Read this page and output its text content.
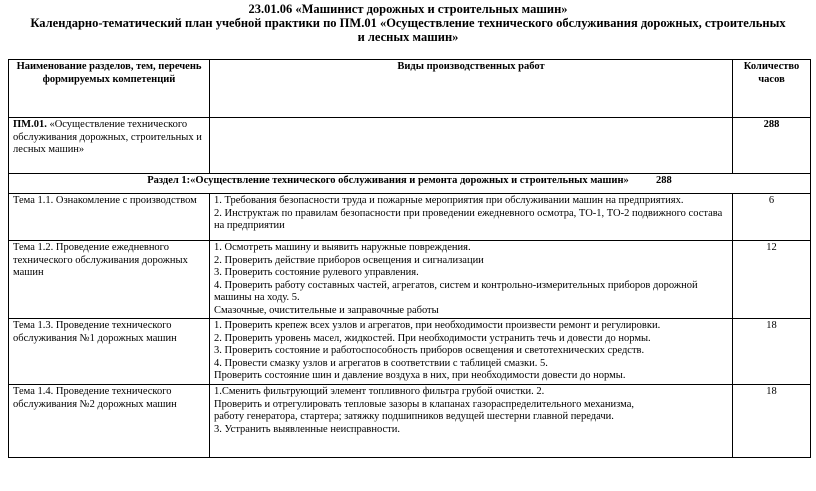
23.01.06 «Машинист дорожных и строительных машин»
Календарно-тематический план учебной практики по ПМ.01 «Осуществление технического обслуживания дорожных, строительных
и лесных машин»
Наименование разделов, тем, перечень формируемых компетенций	Виды производственных работ	Количество часов
ПМ.01. «Осуществление технического обслуживания дорожных, строительных и лесных машин»		288
Раздел 1:«Осуществление технического обслуживания и ремонта дорожных и строительных машин» 288		
Тема 1.1. Ознакомление с производством	1. Требования безопасности труда и пожарные мероприятия при обслуживании машин на предприятиях.
2. Инструктаж по правилам безопасности при проведении ежедневного осмотра, ТО-1, ТО-2 подвижного состава на предприятии	6
Тема 1.2. Проведение ежедневного технического обслуживания дорожных машин	1. Осмотреть машину и выявить наружные повреждения.
2. Проверить действие приборов освещения и сигнализации
3. Проверить состояние рулевого управления.
4. Проверить работу составных частей, агрегатов, систем и контрольно-измерительных приборов дорожной машины на ходу. 5.
Смазочные, очистительные и заправочные работы	12
Тема 1.3. Проведение технического обслуживания №1 дорожных машин	1. Проверить крепеж всех узлов и агрегатов, при необходимости произвести ремонт и регулировки.
2. Проверить уровень масел, жидкостей. При необходимости устранить течь и довести до нормы.
3. Проверить состояние и работоспособность приборов освещения и светотехнических средств.
4. Провести смазку узлов и агрегатов в соответствии с таблицей смазки. 5.
Проверить состояние шин и давление воздуха в них, при необходимости довести до нормы.	18
Тема 1.4. Проведение технического обслуживания №2 дорожных машин	1.Сменить фильтрующий элемент топливного фильтра грубой очистки. 2.
Проверить и отрегулировать тепловые зазоры в клапанах газораспределительного механизма,
работу генератора, стартера; затяжку подшипников ведущей шестерни главной передачи.
3. Устранить выявленные неисправности.	18
